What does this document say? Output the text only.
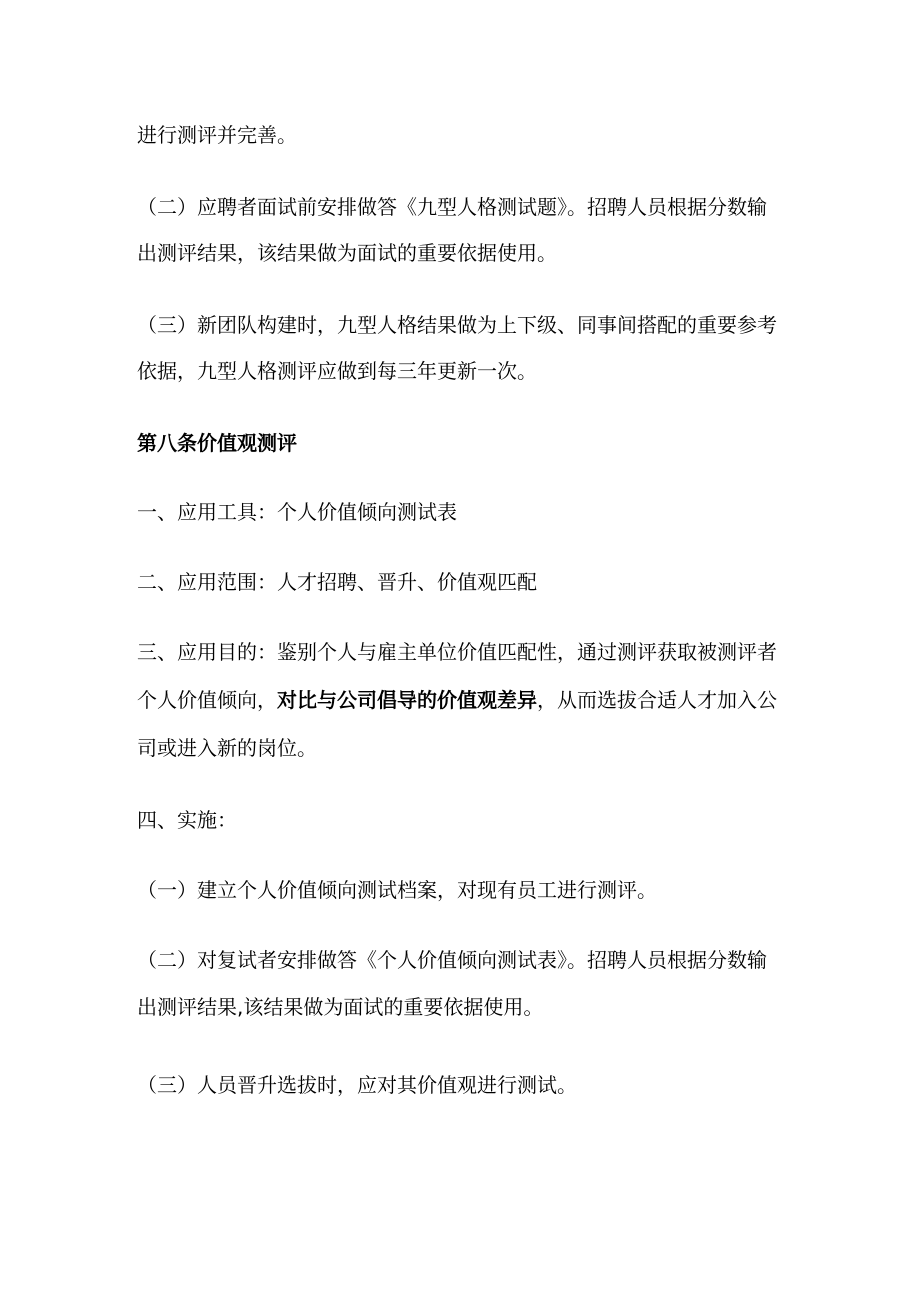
进行测评并完善。
（二）应聘者面试前安排做答《九型人格测试题》。招聘人员根据分数输
出测评结果，该结果做为面试的重要依据使用。
（三）新团队构建时，九型人格结果做为上下级、同事间搭配的重要参考
依据，九型人格测评应做到每三年更新一次。
第八条价值观测评
一、应用工具：个人价值倾向测试表
二、应用范围：人才招聘、晋升、价值观匹配
三、应用目的：鉴别个人与雇主单位价值匹配性，通过测评获取被测评者
个人价值倾向，对比与公司倡导的价值观差异，从而选拔合适人才加入公
司或进入新的岗位。
四、实施：
（一）建立个人价值倾向测试档案，对现有员工进行测评。
（二）对复试者安排做答《个人价值倾向测试表》。招聘人员根据分数输
出测评结果,该结果做为面试的重要依据使用。
（三）人员晋升选拔时，应对其价值观进行测试。
